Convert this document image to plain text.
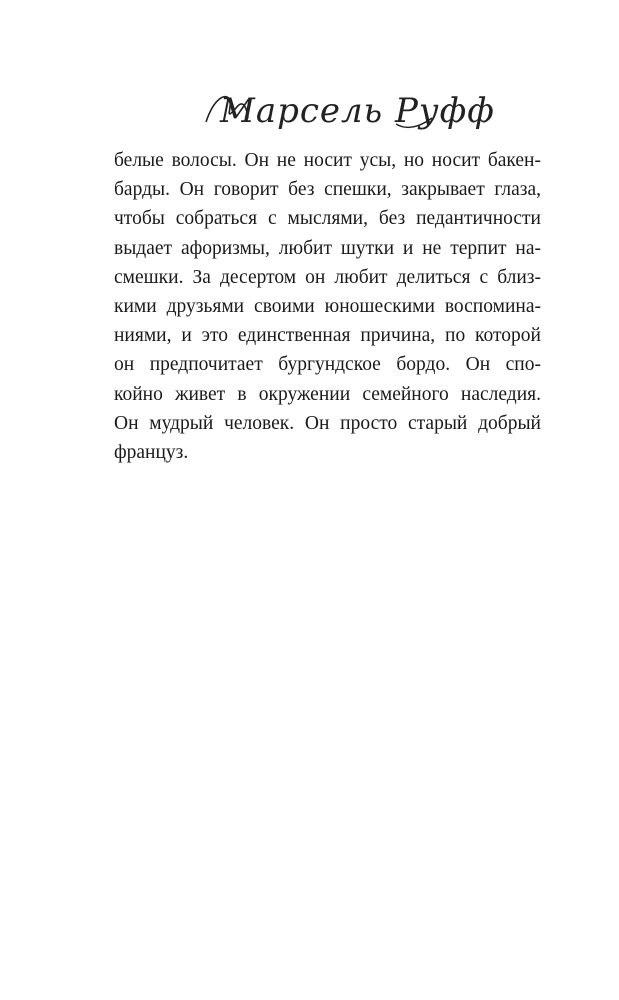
Марсель Руфф
белые волосы. Он не носит усы, но носит бакен-
барды. Он говорит без спешки, закрывает глаза,
чтобы собраться с мыслями, без педантичности
выдает афоризмы, любит шутки и не терпит на-
смешки. За десертом он любит делиться с близ-
кими друзьями своими юношескими воспомина-
ниями, и это единственная причина, по которой
он предпочитает бургундское бордо. Он спо-
койно живет в окружении семейного наследия.
Он мудрый человек. Он просто старый добрый
француз.
